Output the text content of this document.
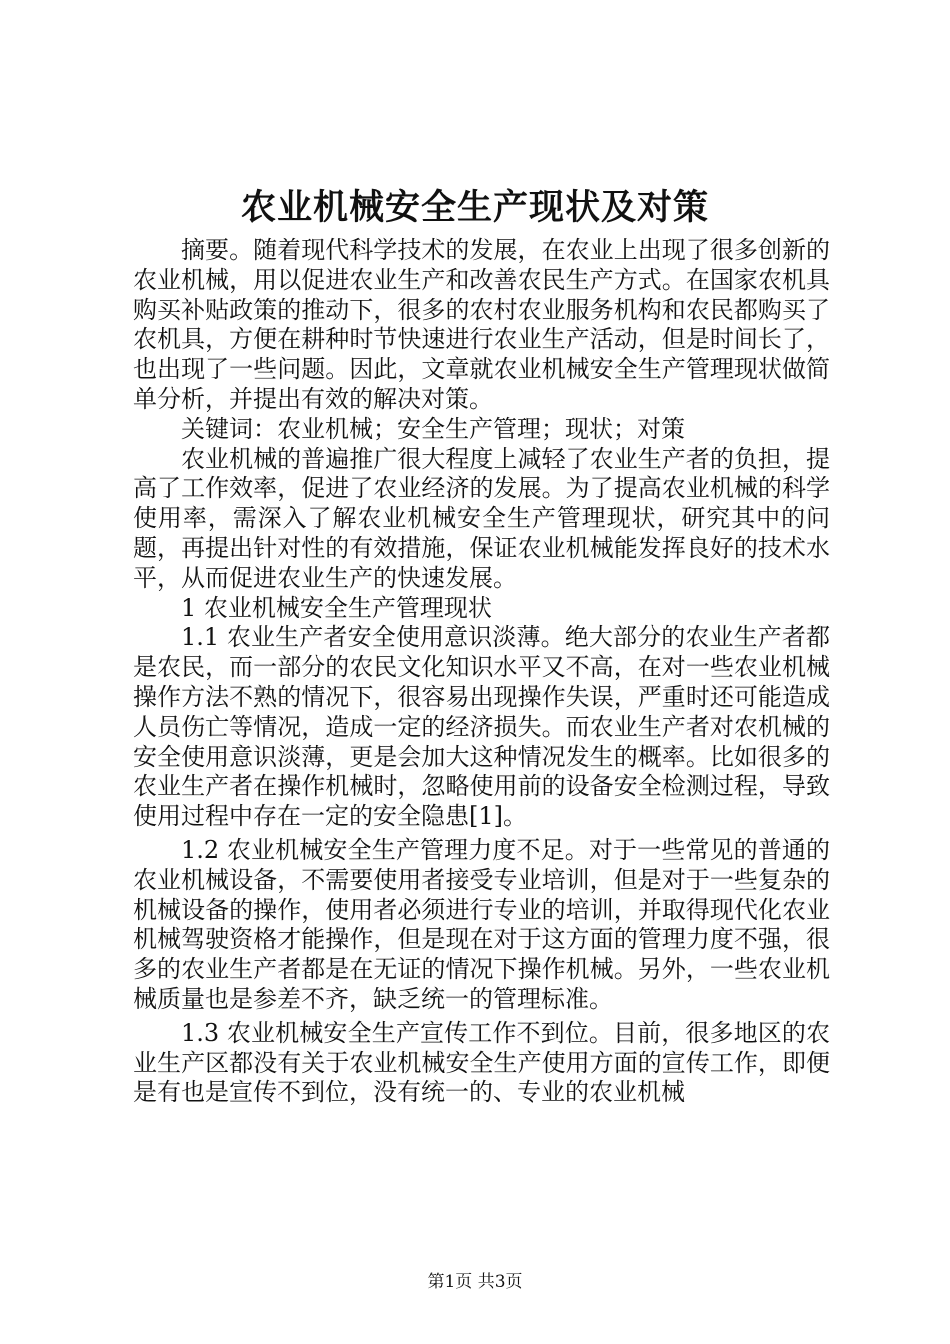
农业机械安全生产现状及对策

摘要。随着现代科学技术的发展，在农业上出现了很多创新的农业机械，用以促进农业生产和改善农民生产方式。在国家农机具购买补贴政策的推动下，很多的农村农业服务机构和农民都购买了农机具，方便在耕种时节快速进行农业生产活动，但是时间长了，也出现了一些问题。因此，文章就农业机械安全生产管理现状做简单分析，并提出有效的解决对策。

关键词：农业机械；安全生产管理；现状；对策

农业机械的普遍推广很大程度上减轻了农业生产者的负担，提高了工作效率，促进了农业经济的发展。为了提高农业机械的科学使用率，需深入了解农业机械安全生产管理现状，研究其中的问题，再提出针对性的有效措施，保证农业机械能发挥良好的技术水平，从而促进农业生产的快速发展。

1 农业机械安全生产管理现状

1.1 农业生产者安全使用意识淡薄。绝大部分的农业生产者都是农民，而一部分的农民文化知识水平又不高，在对一些农业机械操作方法不熟的情况下，很容易出现操作失误，严重时还可能造成人员伤亡等情况，造成一定的经济损失。而农业生产者对农机械的安全使用意识淡薄，更是会加大这种情况发生的概率。比如很多的农业生产者在操作机械时，忽略使用前的设备安全检测过程，导致使用过程中存在一定的安全隐患[1]。

1.2 农业机械安全生产管理力度不足。对于一些常见的普通的农业机械设备，不需要使用者接受专业培训，但是对于一些复杂的机械设备的操作，使用者必须进行专业的培训，并取得现代化农业机械驾驶资格才能操作，但是现在对于这方面的管理力度不强，很多的农业生产者都是在无证的情况下操作机械。另外，一些农业机械质量也是参差不齐，缺乏统一的管理标准。

1.3 农业机械安全生产宣传工作不到位。目前，很多地区的农业生产区都没有关于农业机械安全生产使用方面的宣传工作，即便是有也是宣传不到位，没有统一的、专业的农业机械

第1页 共3页
